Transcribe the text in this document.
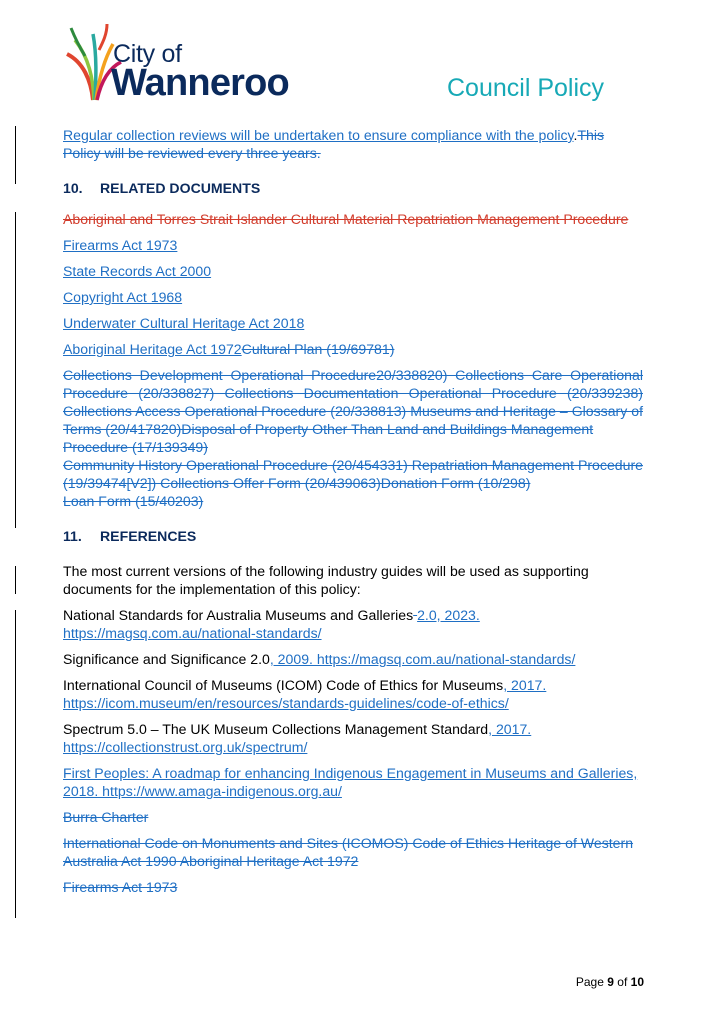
City of
Wanneroo	Council Policy

Regular collection reviews will be undertaken to ensure compliance with the policy.This Policy will be reviewed every three years.

10. RELATED DOCUMENTS

Aboriginal and Torres Strait Islander Cultural Material Repatriation Management Procedure

Firearms Act 1973

State Records Act 2000

Copyright Act 1968

Underwater Cultural Heritage Act 2018

Aboriginal Heritage Act 1972Cultural Plan (19/69781)

Collections Development Operational Procedure20/338820) Collections Care Operational Procedure (20/338827) Collections Documentation Operational Procedure (20/339238) Collections Access Operational Procedure (20/338813) Museums and Heritage – Glossary of Terms (20/417820)Disposal of Property Other Than Land and Buildings Management

Procedure (17/139349)

Community History Operational Procedure (20/454331) Repatriation Management Procedure (19/39474[V2]) Collections Offer Form (20/439063)Donation Form (10/298)

Loan Form (15/40203)

11. REFERENCES

The most current versions of the following industry guides will be used as supporting documents for the implementation of this policy:

National Standards for Australia Museums and Galleries 2.0, 2023.
https://magsq.com.au/national-standards/

Significance and Significance 2.0, 2009. https://magsq.com.au/national-standards/

International Council of Museums (ICOM) Code of Ethics for Museums, 2017.
https://icom.museum/en/resources/standards-guidelines/code-of-ethics/

Spectrum 5.0 – The UK Museum Collections Management Standard, 2017.
https://collectionstrust.org.uk/spectrum/

First Peoples: A roadmap for enhancing Indigenous Engagement in Museums and Galleries, 2018. https://www.amaga-indigenous.org.au/

Burra Charter

International Code on Monuments and Sites (ICOMOS) Code of Ethics Heritage of Western Australia Act 1990 Aboriginal Heritage Act 1972

Firearms Act 1973

Page 9 of 10
